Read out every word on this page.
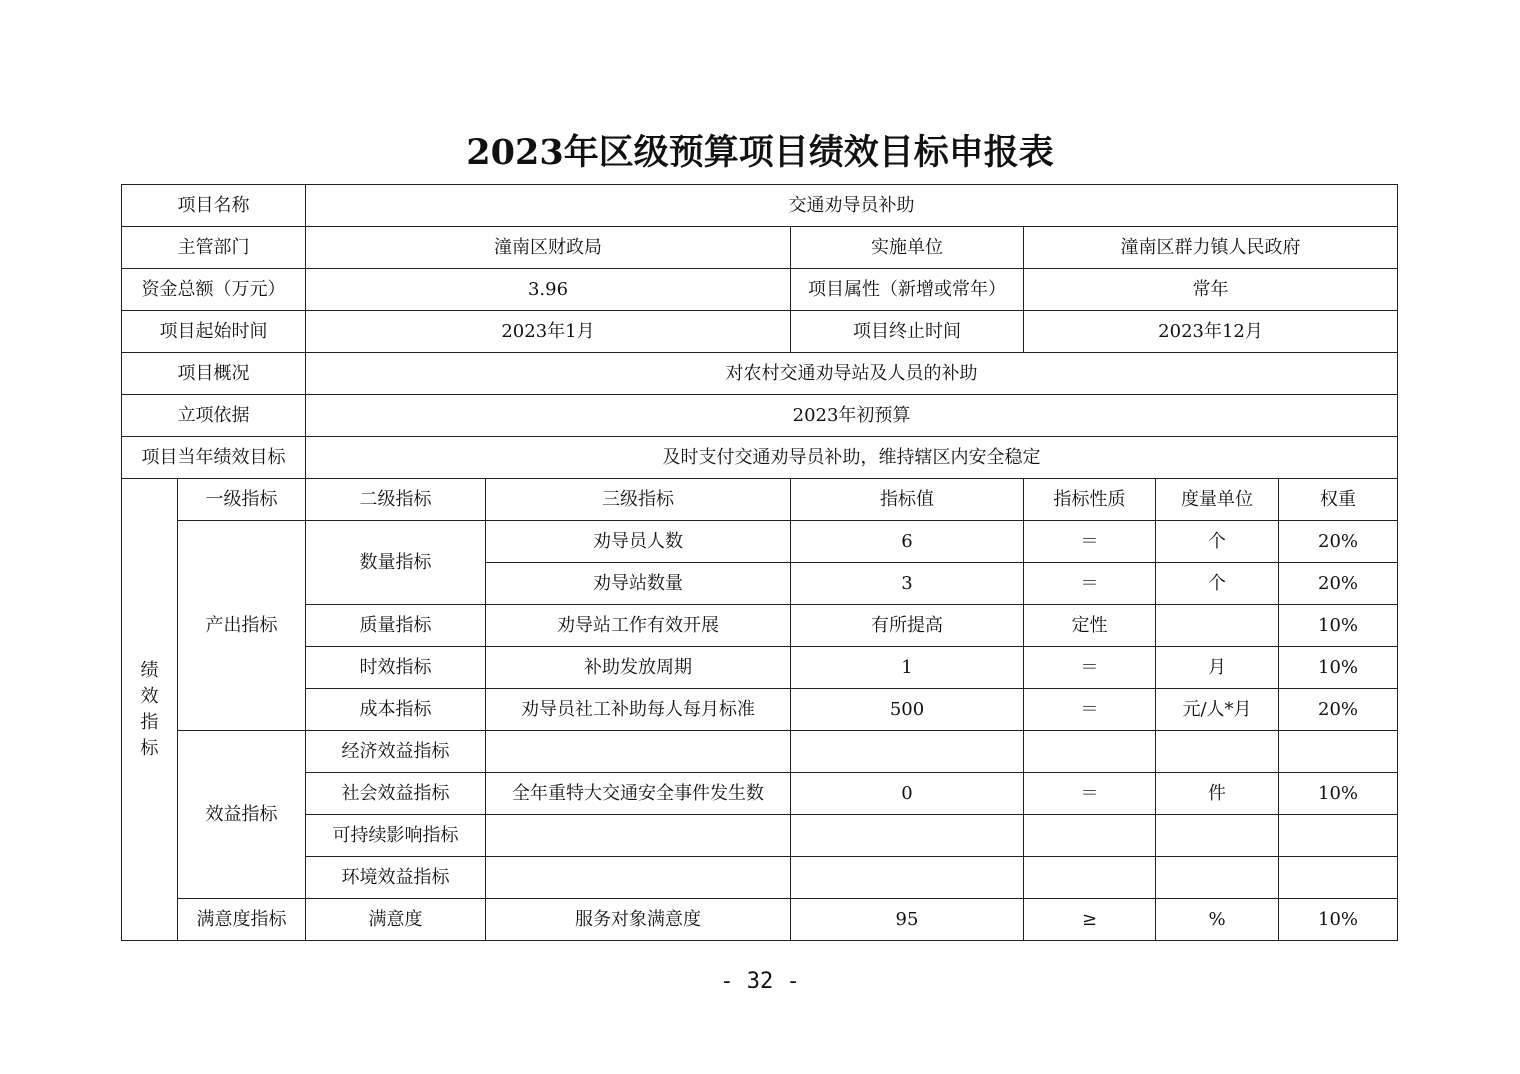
2023年区级预算项目绩效目标申报表
项目名称		交通劝导员补助					
主管部门		潼南区财政局		实施单位	潼南区群力镇人民政府		
资金总额（万元）		3.96		项目属性（新增或常年）	常年		
项目起始时间		2023年1月		项目终止时间	2023年12月		
项目概况		对农村交通劝导站及人员的补助					
立项依据		2023年初预算					
项目当年绩效目标		及时支付交通劝导员补助，维持辖区内安全稳定					
绩效指标	一级指标	二级指标	三级指标	指标值	指标性质	度量单位	权重
	产出指标	数量指标	劝导员人数	6	＝	个	20%
			劝导站数量	3	＝	个	20%
		质量指标	劝导站工作有效开展	有所提高	定性		10%
		时效指标	补助发放周期	1	＝	月	10%
		成本指标	劝导员社工补助每人每月标准	500	＝	元/人*月	20%
	效益指标	经济效益指标					
		社会效益指标	全年重特大交通安全事件发生数	0	＝	件	10%
		可持续影响指标					
		环境效益指标					
	满意度指标	满意度	服务对象满意度	95	≥	%	10%
- 32 -
